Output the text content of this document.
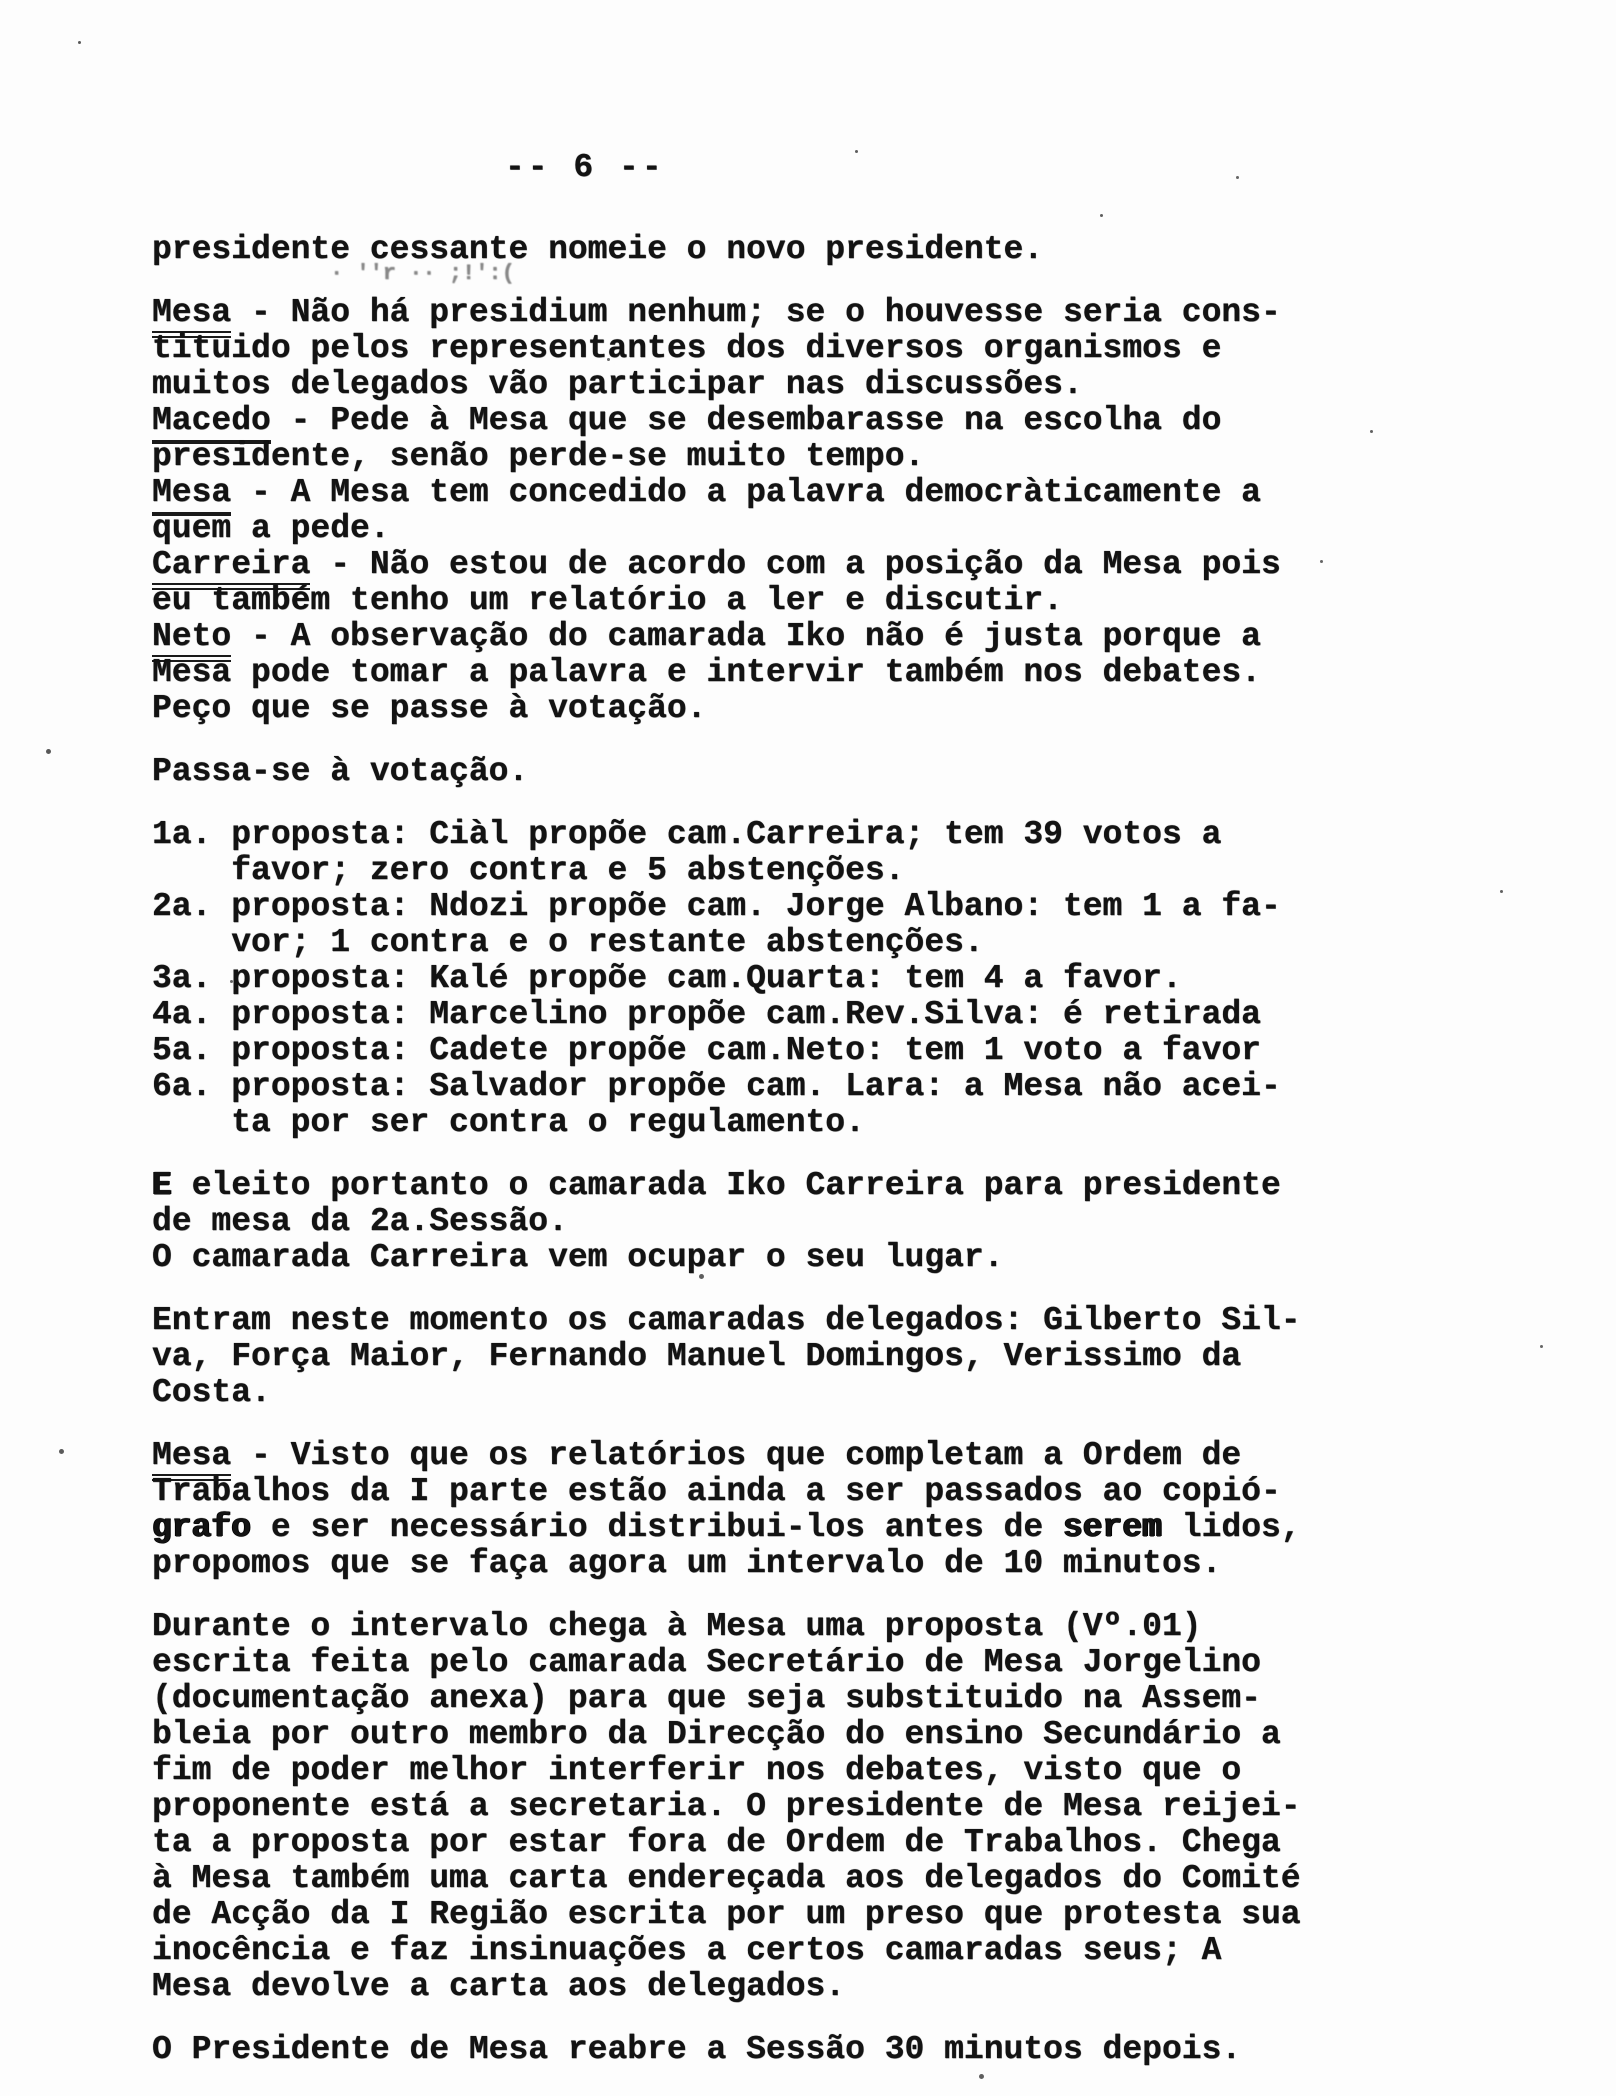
-- 6 --
· ''r ·· ;!':(
presidente cessante nomeie o novo presidente.
Mesa - Não há presidium nenhum; se o houvesse seria cons-
tituido pelos representantes dos diversos organismos e
muitos delegados vão participar nas discussões.
Macedo - Pede à Mesa que se desembarasse na escolha do
presidente, senão perde-se muito tempo.
Mesa - A Mesa tem concedido a palavra democràticamente a
quem a pede.
Carreira - Não estou de acordo com a posição da Mesa pois
eu também tenho um relatório a ler e discutir.
Neto - A observação do camarada Iko não é justa porque a
Mesa pode tomar a palavra e intervir também nos debates.
Peço que se passe à votação.
Passa-se à votação.
1a. proposta: Ciàl propõe cam.Carreira; tem 39 votos a
favor; zero contra e 5 abstenções.
2a. proposta: Ndozi propõe cam. Jorge Albano: tem 1 a fa-
vor; 1 contra e o restante abstenções.
3a. proposta: Kalé propõe cam.Quarta: tem 4 a favor.
4a. proposta: Marcelino propõe cam.Rev.Silva: é retirada
5a. proposta: Cadete propõe cam.Neto: tem 1 voto a favor
6a. proposta: Salvador propõe cam. Lara: a Mesa não acei-
ta por ser contra o regulamento.
E eleito portanto o camarada Iko Carreira para presidente
de mesa da 2a.Sessão.
O camarada Carreira vem ocupar o seu lugar.
Entram neste momento os camaradas delegados: Gilberto Sil-
va, Força Maior, Fernando Manuel Domingos, Verissimo da
Costa.
Mesa - Visto que os relatórios que completam a Ordem de
Trabalhos da I parte estão ainda a ser passados ao copió-
grafo e ser necessário distribui-los antes de serem lidos,
propomos que se faça agora um intervalo de 10 minutos.
Durante o intervalo chega à Mesa uma proposta (Vº.01)
escrita feita pelo camarada Secretário de Mesa Jorgelino
(documentação anexa) para que seja substituido na Assem-
bleia por outro membro da Direcção do ensino Secundário a
fim de poder melhor interferir nos debates, visto que o
proponente está a secretaria. O presidente de Mesa reijei-
ta a proposta por estar fora de Ordem de Trabalhos. Chega
à Mesa também uma carta endereçada aos delegados do Comité
de Acção da I Região escrita por um preso que protesta sua
inocência e faz insinuações a certos camaradas seus; A
Mesa devolve a carta aos delegados.
O Presidente de Mesa reabre a Sessão 30 minutos depois.
